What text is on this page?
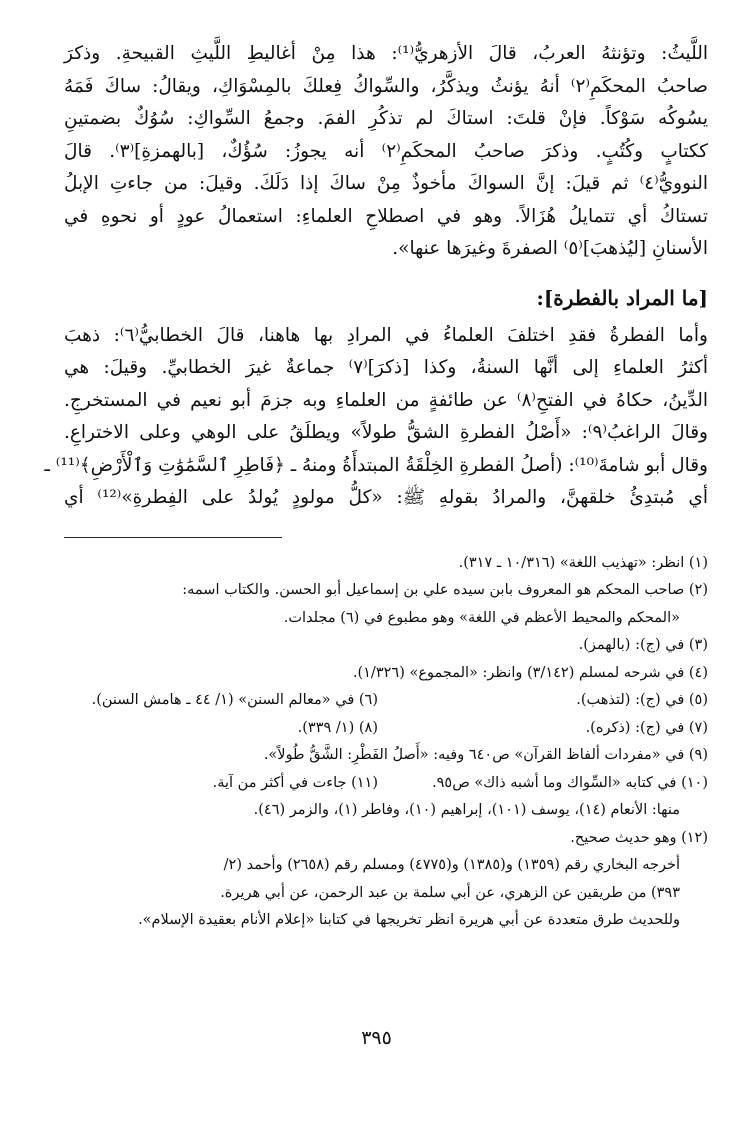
اللَّيثُ: وتؤنثهُ العربُ، قالَ الأزهريُّ⁽¹⁾: هذا مِنْ أغاليطِ اللَّيثِ القبيحةِ. وذكرَ
صاحبُ المحكَمِ⁽٢⁾ أنهُ يؤنثُ ويذكَّرُ، والسِّواكُ فِعلكَ بالمِسْوَاكِ، ويقالُ: ساكَ فَمَهُ
يسُوكُه سَوْكاً. فإنْ قلتَ: استاكَ لم تذكُرِ الفمَ. وجمعُ السِّواكِ: سُوُكٌ بضمتينِ
ككتابٍ وكُتُبٍ. وذكرَ صاحبُ المحكَمِ⁽٢⁾ أنه يجوزُ: سُؤُكٌ، [بالهمزةِ]⁽٣⁾. قالَ
النوويُّ⁽٤⁾ ثم قيلَ: إنَّ السواكَ مأخوذٌ مِنْ ساكَ إذا دَلَكَ. وقيلَ: من جاءتِ الإبلُ
تستاكُ أي تتمايلُ هُزَالاً. وهو في اصطلاحِ العلماءِ: استعمالُ عودٍ أو نحوهِ في
الأسنانِ [ليُذهبَ]⁽٥⁾ الصفرةَ وغيرَها عنها».
[ما المراد بالفطرة]:
وأما الفطرةُ فقدِ اختلفَ العلماءُ في المرادِ بها هاهنا، قالَ الخطابيُّ⁽٦⁾: ذهبَ
أكثرُ العلماءِ إلى أنَّها السنةُ، وكذا [ذكرَ]⁽٧⁾ جماعةٌ غيرَ الخطابيِّ. وقيلَ: هي
الدِّينُ، حكاهُ في الفتحِ⁽٨⁾ عن طائفةٍ من العلماءِ وبه جزمَ أبو نعيم في المستخرجِ.
وقالَ الراغبُ⁽٩⁾: «أَصْلُ الفطرةِ الشقُّ طولاً» ويطلَقُ على الوهي وعلى الاختراعِ.
وقال أبو شامةَ⁽¹⁰⁾: (أصلُ الفطرةِ الخِلْقَةُ المبتدأَةُ ومنهُ ـ ﴿فَاطِرِ ٱلسَّمَٰوَٰتِ وَٱلْأَرْضِ﴾⁽¹¹⁾ ـ
أي مُبتدِئُ خلقهنَّ، والمرادُ بقولهِ ﷺ: «كلُّ مولودٍ يُولدُ على الفِطرةِ»⁽¹²⁾ أي
(١) انظر: «تهذيب اللغة» (١٠/٣١٦ ـ ٣١٧).
(٢) صاحب المحكم هو المعروف بابن سيده علي بن إسماعيل أبو الحسن. والكتاب اسمه:
«المحكم والمحيط الأعظم في اللغة» وهو مطبوع في (٦) مجلدات.
(٣) في (ج): (بالهمز).
(٤) في شرحه لمسلم (٣/١٤٢) وانظر: «المجموع» (١/٣٢٦).
(٥) في (ج): (لتذهب).
(٦) في «معالم السنن» (١/ ٤٤ ـ هامش السنن).
(٧) في (ج): (ذكره).
(٨) (١/ ٣٣٩).
(٩) في «مفردات ألفاظ القرآن» ص٦٤٠ وفيه: «أَصلُ الفَطْرِ: الشَّقُّ طُولاً».
(١٠) في كتابه «السِّواك وما أشبه ذاك» ص٩٥.
(١١) جاءت في أكثر من آية.
منها: الأنعام (١٤)، يوسف (١٠١)، إبراهيم (١٠)، وفاطر (١)، والزمر (٤٦).
(١٢) وهو حديث صحيح.
أخرجه البخاري رقم (١٣٥٩) و(١٣٨٥) و(٤٧٧٥) ومسلم رقم (٢٦٥٨) وأحمد (٢/
٣٩٣) من طريقين عن الزهري، عن أبي سلمة بن عبد الرحمن، عن أبي هريرة.
وللحديث طرق متعددة عن أبي هريرة انظر تخريجها في كتابنا «إعلام الأنام بعقيدة الإسلام».
٣٩٥
